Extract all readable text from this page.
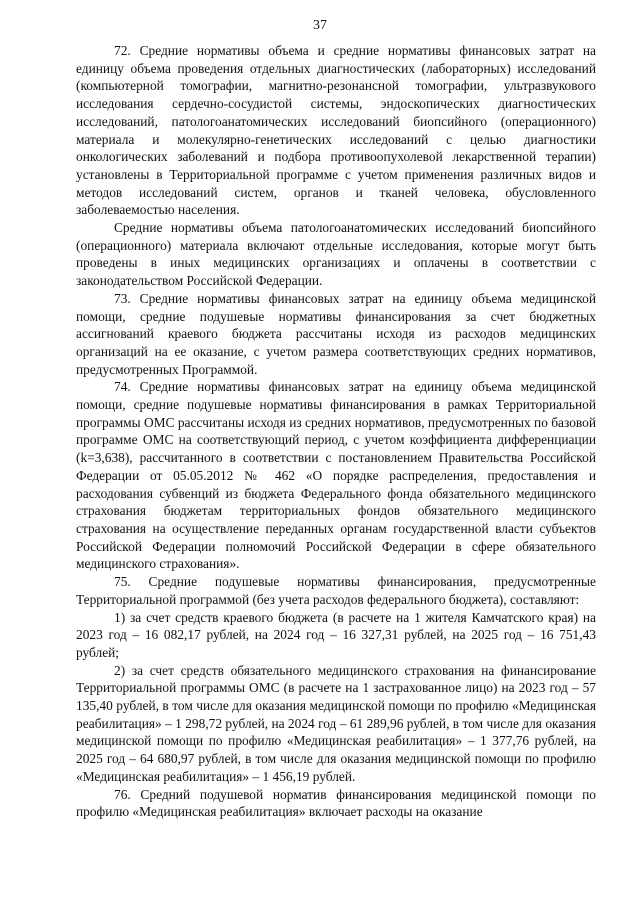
37

72. Средние нормативы объема и средние нормативы финансовых затрат на единицу объема проведения отдельных диагностических (лабораторных) исследований (компьютерной томографии, магнитно-резонансной томографии, ультразвукового исследования сердечно-сосудистой системы, эндоскопических диагностических исследований, патологоанатомических исследований биопсийного (операционного) материала и молекулярно-генетических исследований с целью диагностики онкологических заболеваний и подбора противоопухолевой лекарственной терапии) установлены в Территориальной программе с учетом применения различных видов и методов исследований систем, органов и тканей человека, обусловленного заболеваемостью населения.

Средние нормативы объема патологоанатомических исследований биопсийного (операционного) материала включают отдельные исследования, которые могут быть проведены в иных медицинских организациях и оплачены в соответствии с законодательством Российской Федерации.

73. Средние нормативы финансовых затрат на единицу объема медицинской помощи, средние подушевые нормативы финансирования за счет бюджетных ассигнований краевого бюджета рассчитаны исходя из расходов медицинских организаций на ее оказание, с учетом размера соответствующих средних нормативов, предусмотренных Программой.

74. Средние нормативы финансовых затрат на единицу объема медицинской помощи, средние подушевые нормативы финансирования в рамках Территориальной программы ОМС рассчитаны исходя из средних нормативов, предусмотренных по базовой программе ОМС на соответствующий период, с учетом коэффициента дифференциации (k=3,638), рассчитанного в соответствии с постановлением Правительства Российской Федерации от 05.05.2012 № 462 «О порядке распределения, предоставления и расходования субвенций из бюджета Федерального фонда обязательного медицинского страхования бюджетам территориальных фондов обязательного медицинского страхования на осуществление переданных органам государственной власти субъектов Российской Федерации полномочий Российской Федерации в сфере обязательного медицинского страхования».

75. Средние подушевые нормативы финансирования, предусмотренные Территориальной программой (без учета расходов федерального бюджета), составляют:

1) за счет средств краевого бюджета (в расчете на 1 жителя Камчатского края) на 2023 год – 16 082,17 рублей, на 2024 год – 16 327,31 рублей, на 2025 год – 16 751,43 рублей;

2) за счет средств обязательного медицинского страхования на финансирование Территориальной программы ОМС (в расчете на 1 застрахованное лицо) на 2023 год – 57 135,40 рублей, в том числе для оказания медицинской помощи по профилю «Медицинская реабилитация» – 1 298,72 рублей, на 2024 год – 61 289,96 рублей, в том числе для оказания медицинской помощи по профилю «Медицинская реабилитация» – 1 377,76 рублей, на 2025 год – 64 680,97 рублей, в том числе для оказания медицинской помощи по профилю «Медицинская реабилитация» – 1 456,19 рублей.

76. Средний подушевой норматив финансирования медицинской помощи по профилю «Медицинская реабилитация» включает расходы на оказание
